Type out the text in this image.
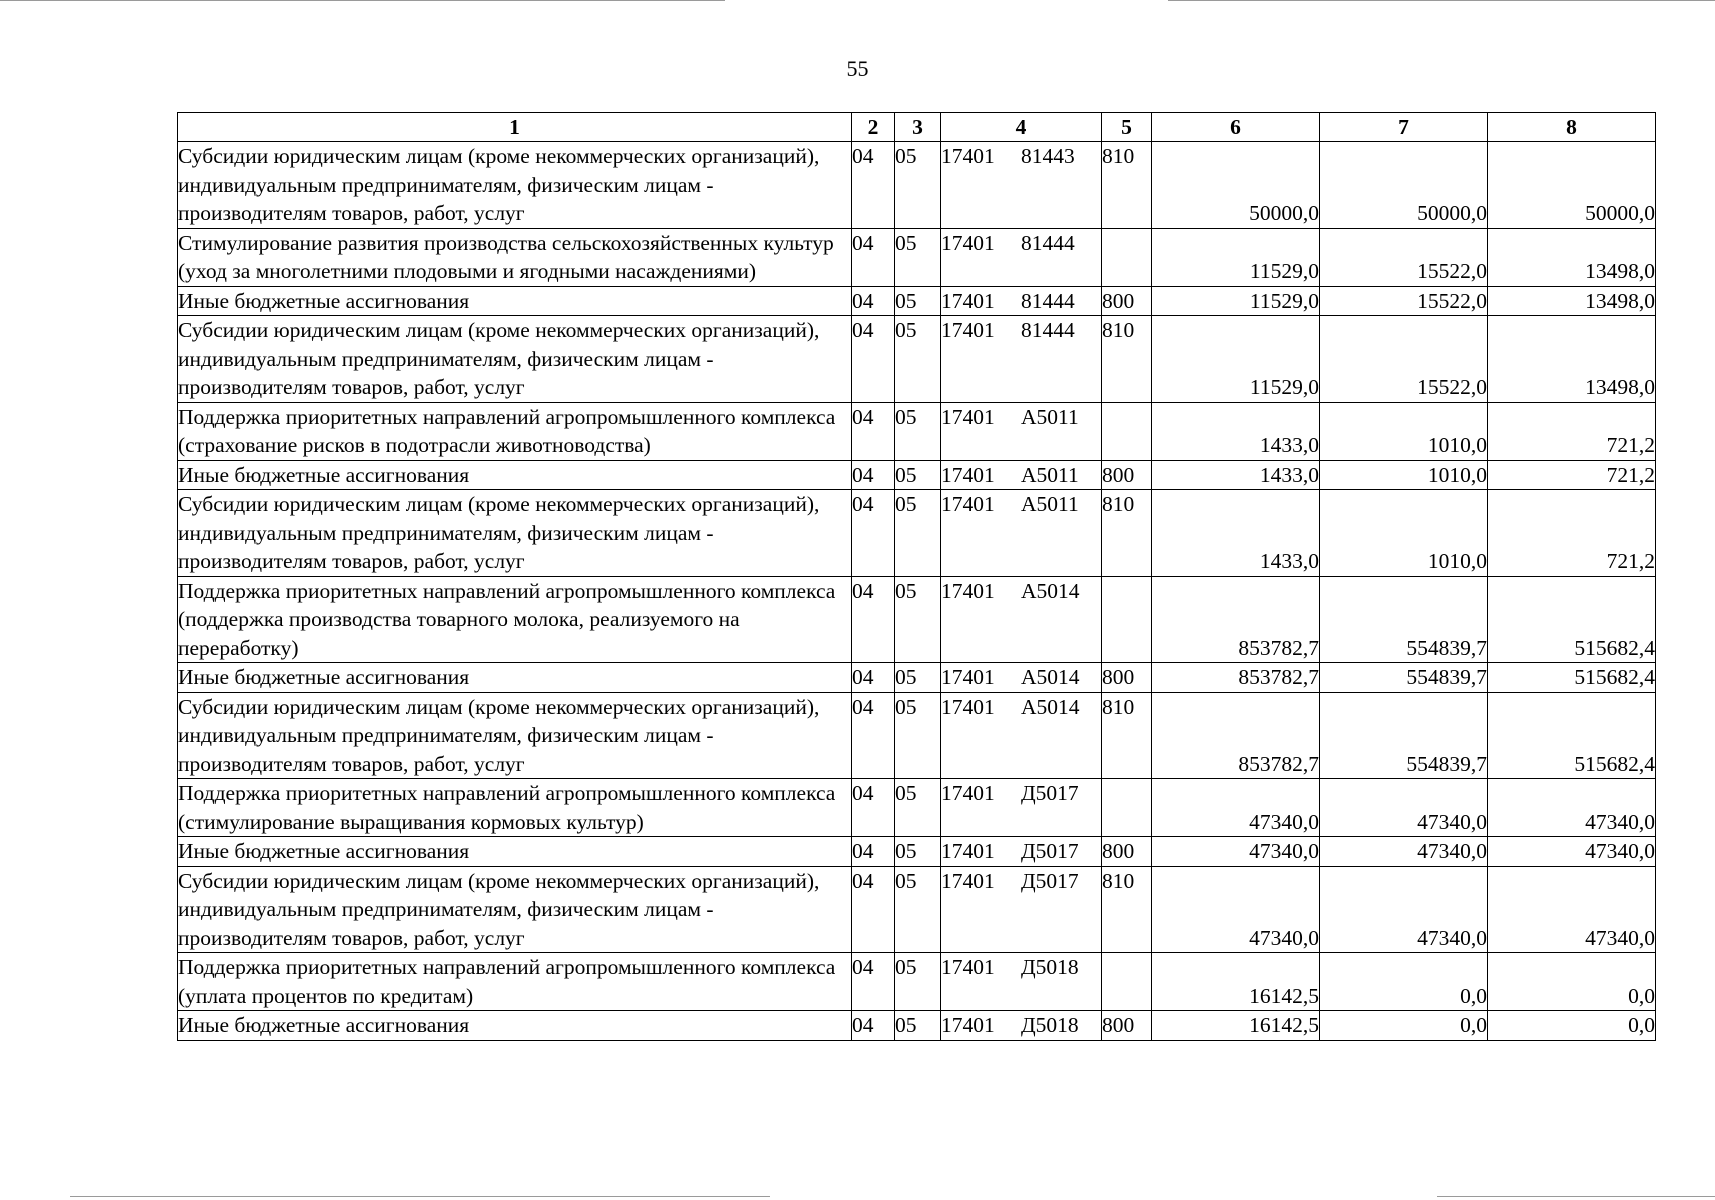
55
1	2	3	4	5	6	7	8
Субсидии юридическим лицам (кроме некоммерческих организаций), индивидуальным предпринимателям, физическим лицам - производителям товаров, работ, услуг	04	05	17401 81443	810	50000,0	50000,0	50000,0
Стимулирование развития производства сельскохозяйственных культур (уход за многолетними плодовыми и ягодными насаждениями)	04	05	17401 81444		11529,0	15522,0	13498,0
Иные бюджетные ассигнования	04	05	17401 81444	800	11529,0	15522,0	13498,0
Субсидии юридическим лицам (кроме некоммерческих организаций), индивидуальным предпринимателям, физическим лицам - производителям товаров, работ, услуг	04	05	17401 81444	810	11529,0	15522,0	13498,0
Поддержка приоритетных направлений агропромышленного комплекса (страхование рисков в подотрасли животноводства)	04	05	17401 А5011		1433,0	1010,0	721,2
Иные бюджетные ассигнования	04	05	17401 А5011	800	1433,0	1010,0	721,2
Субсидии юридическим лицам (кроме некоммерческих организаций), индивидуальным предпринимателям, физическим лицам - производителям товаров, работ, услуг	04	05	17401 А5011	810	1433,0	1010,0	721,2
Поддержка приоритетных направлений агропромышленного комплекса (поддержка производства товарного молока, реализуемого на переработку)	04	05	17401 А5014		853782,7	554839,7	515682,4
Иные бюджетные ассигнования	04	05	17401 А5014	800	853782,7	554839,7	515682,4
Субсидии юридическим лицам (кроме некоммерческих организаций), индивидуальным предпринимателям, физическим лицам - производителям товаров, работ, услуг	04	05	17401 А5014	810	853782,7	554839,7	515682,4
Поддержка приоритетных направлений агропромышленного комплекса (стимулирование выращивания кормовых культур)	04	05	17401 Д5017		47340,0	47340,0	47340,0
Иные бюджетные ассигнования	04	05	17401 Д5017	800	47340,0	47340,0	47340,0
Субсидии юридическим лицам (кроме некоммерческих организаций), индивидуальным предпринимателям, физическим лицам - производителям товаров, работ, услуг	04	05	17401 Д5017	810	47340,0	47340,0	47340,0
Поддержка приоритетных направлений агропромышленного комплекса (уплата процентов по кредитам)	04	05	17401 Д5018		16142,5	0,0	0,0
Иные бюджетные ассигнования	04	05	17401 Д5018	800	16142,5	0,0	0,0
